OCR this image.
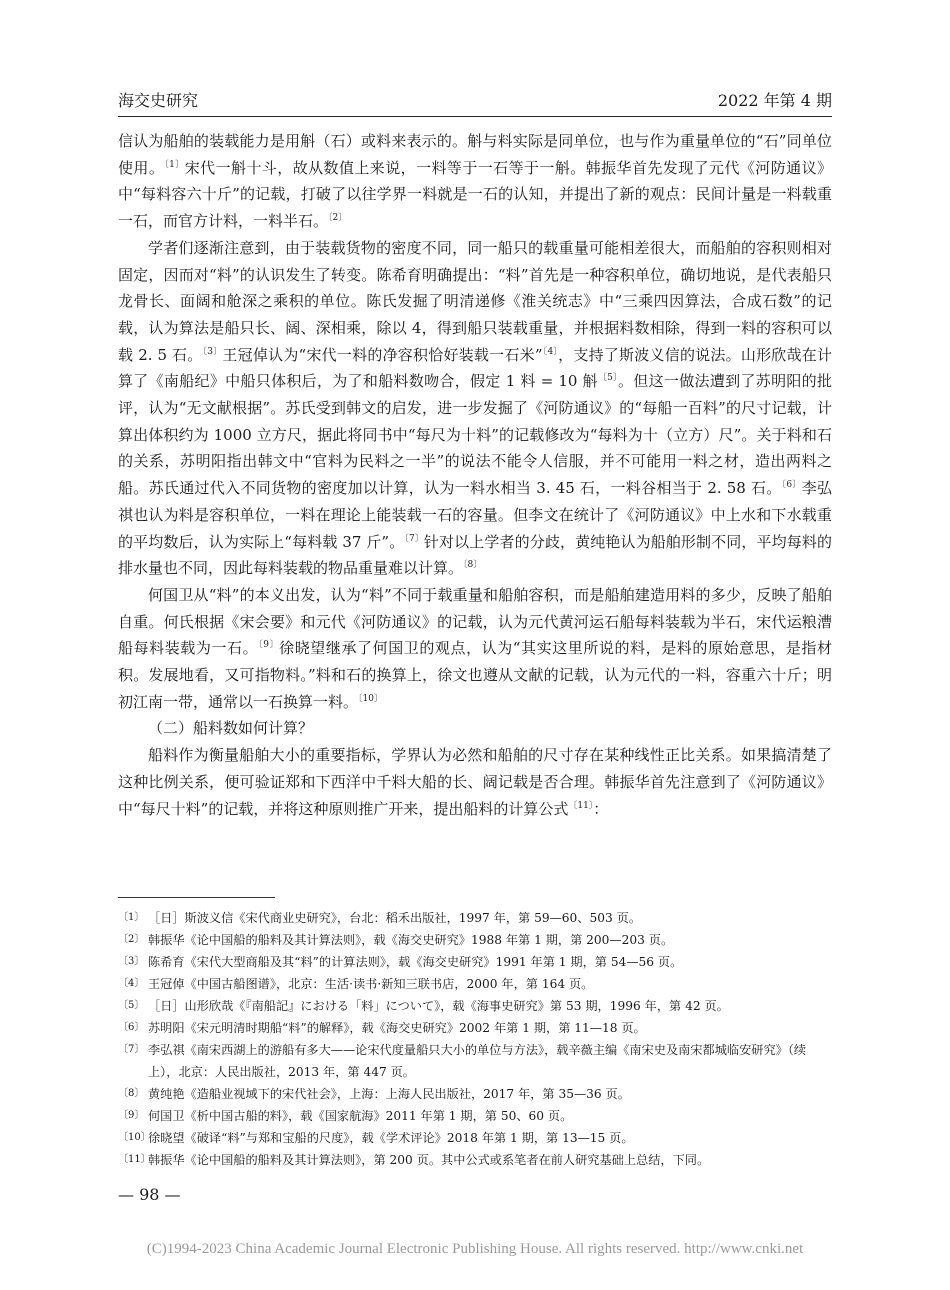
海交史研究	2022 年第 4 期

信认为船舶的装载能力是用斛（石）或料来表示的。斛与料实际是同单位，也与作为重量单位的“石”同单位使用。$^{〔1〕}$宋代一斛十斗，故从数值上来说，一料等于一石等于一斛。韩振华首先发现了元代《河防通议》中“每料容六十斤”的记载，打破了以往学界一料就是一石的认知，并提出了新的观点：民间计量是一料载重一石，而官方计料，一料半石。$^{〔2〕}$

学者们逐渐注意到，由于装载货物的密度不同，同一船只的载重量可能相差很大，而船舶的容积则相对固定，因而对“料”的认识发生了转变。陈希育明确提出：“料”首先是一种容积单位，确切地说，是代表船只龙骨长、面阔和舱深之乘积的单位。陈氏发掘了明清递修《淮关统志》中“三乘四因算法，合成石数”的记载，认为算法是船只长、阔、深相乘，除以 4，得到船只装载重量，并根据料数相除，得到一料的容积可以载 2. 5 石。$^{〔3〕}$王冠倬认为“宋代一料的净容积恰好装载一石米”$^{〔4〕}$，支持了斯波义信的说法。山形欣哉在计算了《南船纪》中船只体积后，为了和船料数吻合，假定 1 料 = 10 斛$^{〔5〕}$。但这一做法遭到了苏明阳的批评，认为“无文献根据”。苏氏受到韩文的启发，进一步发掘了《河防通议》的“每船一百料”的尺寸记载，计算出体积约为 1000 立方尺，据此将同书中“每尺为十料”的记载修改为“每料为十（立方）尺”。关于料和石的关系，苏明阳指出韩文中“官料为民料之一半”的说法不能令人信服，并不可能用一料之材，造出两料之船。苏氏通过代入不同货物的密度加以计算，认为一料水相当 3. 45 石，一料谷相当于 2. 58 石。$^{〔6〕}$李弘祺也认为料是容积单位，一料在理论上能装载一石的容量。但李文在统计了《河防通议》中上水和下水载重的平均数后，认为实际上“每料载 37 斤”。$^{〔7〕}$针对以上学者的分歧，黄纯艳认为船舶形制不同，平均每料的排水量也不同，因此每料装载的物品重量难以计算。$^{〔8〕}$

何国卫从“料”的本义出发，认为“料”不同于载重量和船舶容积，而是船舶建造用料的多少，反映了船舶自重。何氏根据《宋会要》和元代《河防通议》的记载，认为元代黄河运石船每料装载为半石，宋代运粮漕船每料装载为一石。$^{〔9〕}$徐晓望继承了何国卫的观点，认为“其实这里所说的料，是料的原始意思，是指材积。发展地看，又可指物料。”料和石的换算上，徐文也遵从文献的记载，认为元代的一料，容重六十斤；明初江南一带，通常以一石换算一料。$^{〔10〕}$

（二）船料数如何计算？

船料作为衡量船舶大小的重要指标，学界认为必然和船舶的尺寸存在某种线性正比关系。如果搞清楚了这种比例关系，便可验证郑和下西洋中千料大船的长、阔记载是否合理。韩振华首先注意到了《河防通议》中“每尺十料”的记载，并将这种原则推广开来，提出船料的计算公式$^{〔11〕}$：

〔1〕 ［日］斯波义信《宋代商业史研究》，台北：稻禾出版社，1997 年，第 59—60、503 页。
〔2〕 韩振华《论中国船的船料及其计算法则》，载《海交史研究》1988 年第 1 期，第 200—203 页。
〔3〕 陈希育《宋代大型商船及其“料”的计算法则》，载《海交史研究》1991 年第 1 期，第 54—56 页。
〔4〕 王冠倬《中国古船图谱》，北京：生活·读书·新知三联书店，2000 年，第 164 页。
〔5〕 ［日］山形欣哉《『南船記』における「料」について》，载《海事史研究》第 53 期，1996 年，第 42 页。
〔6〕 苏明阳《宋元明清时期船“料”的解释》，载《海交史研究》2002 年第 1 期，第 11—18 页。
〔7〕 李弘祺《南宋西湖上的游船有多大——论宋代度量船只大小的单位与方法》，载辛薇主编《南宋史及南宋都城临安研究》（续上），北京：人民出版社，2013 年，第 447 页。
〔8〕 黄纯艳《造船业视域下的宋代社会》，上海：上海人民出版社，2017 年，第 35—36 页。
〔9〕 何国卫《析中国古船的料》，载《国家航海》2011 年第 1 期，第 50、60 页。
〔10〕
徐晓望《破译“料”与郑和宝船的尺度》，载《学术评论》2018 年第 1 期，第 13—15 页。
〔11〕
韩振华《论中国船的船料及其计算法则》，第 200 页。其中公式或系笔者在前人研究基础上总结，下同。
— 98 —
(C)1994-2023 China Academic Journal Electronic Publishing House. All rights reserved. http://www.cnki.net
